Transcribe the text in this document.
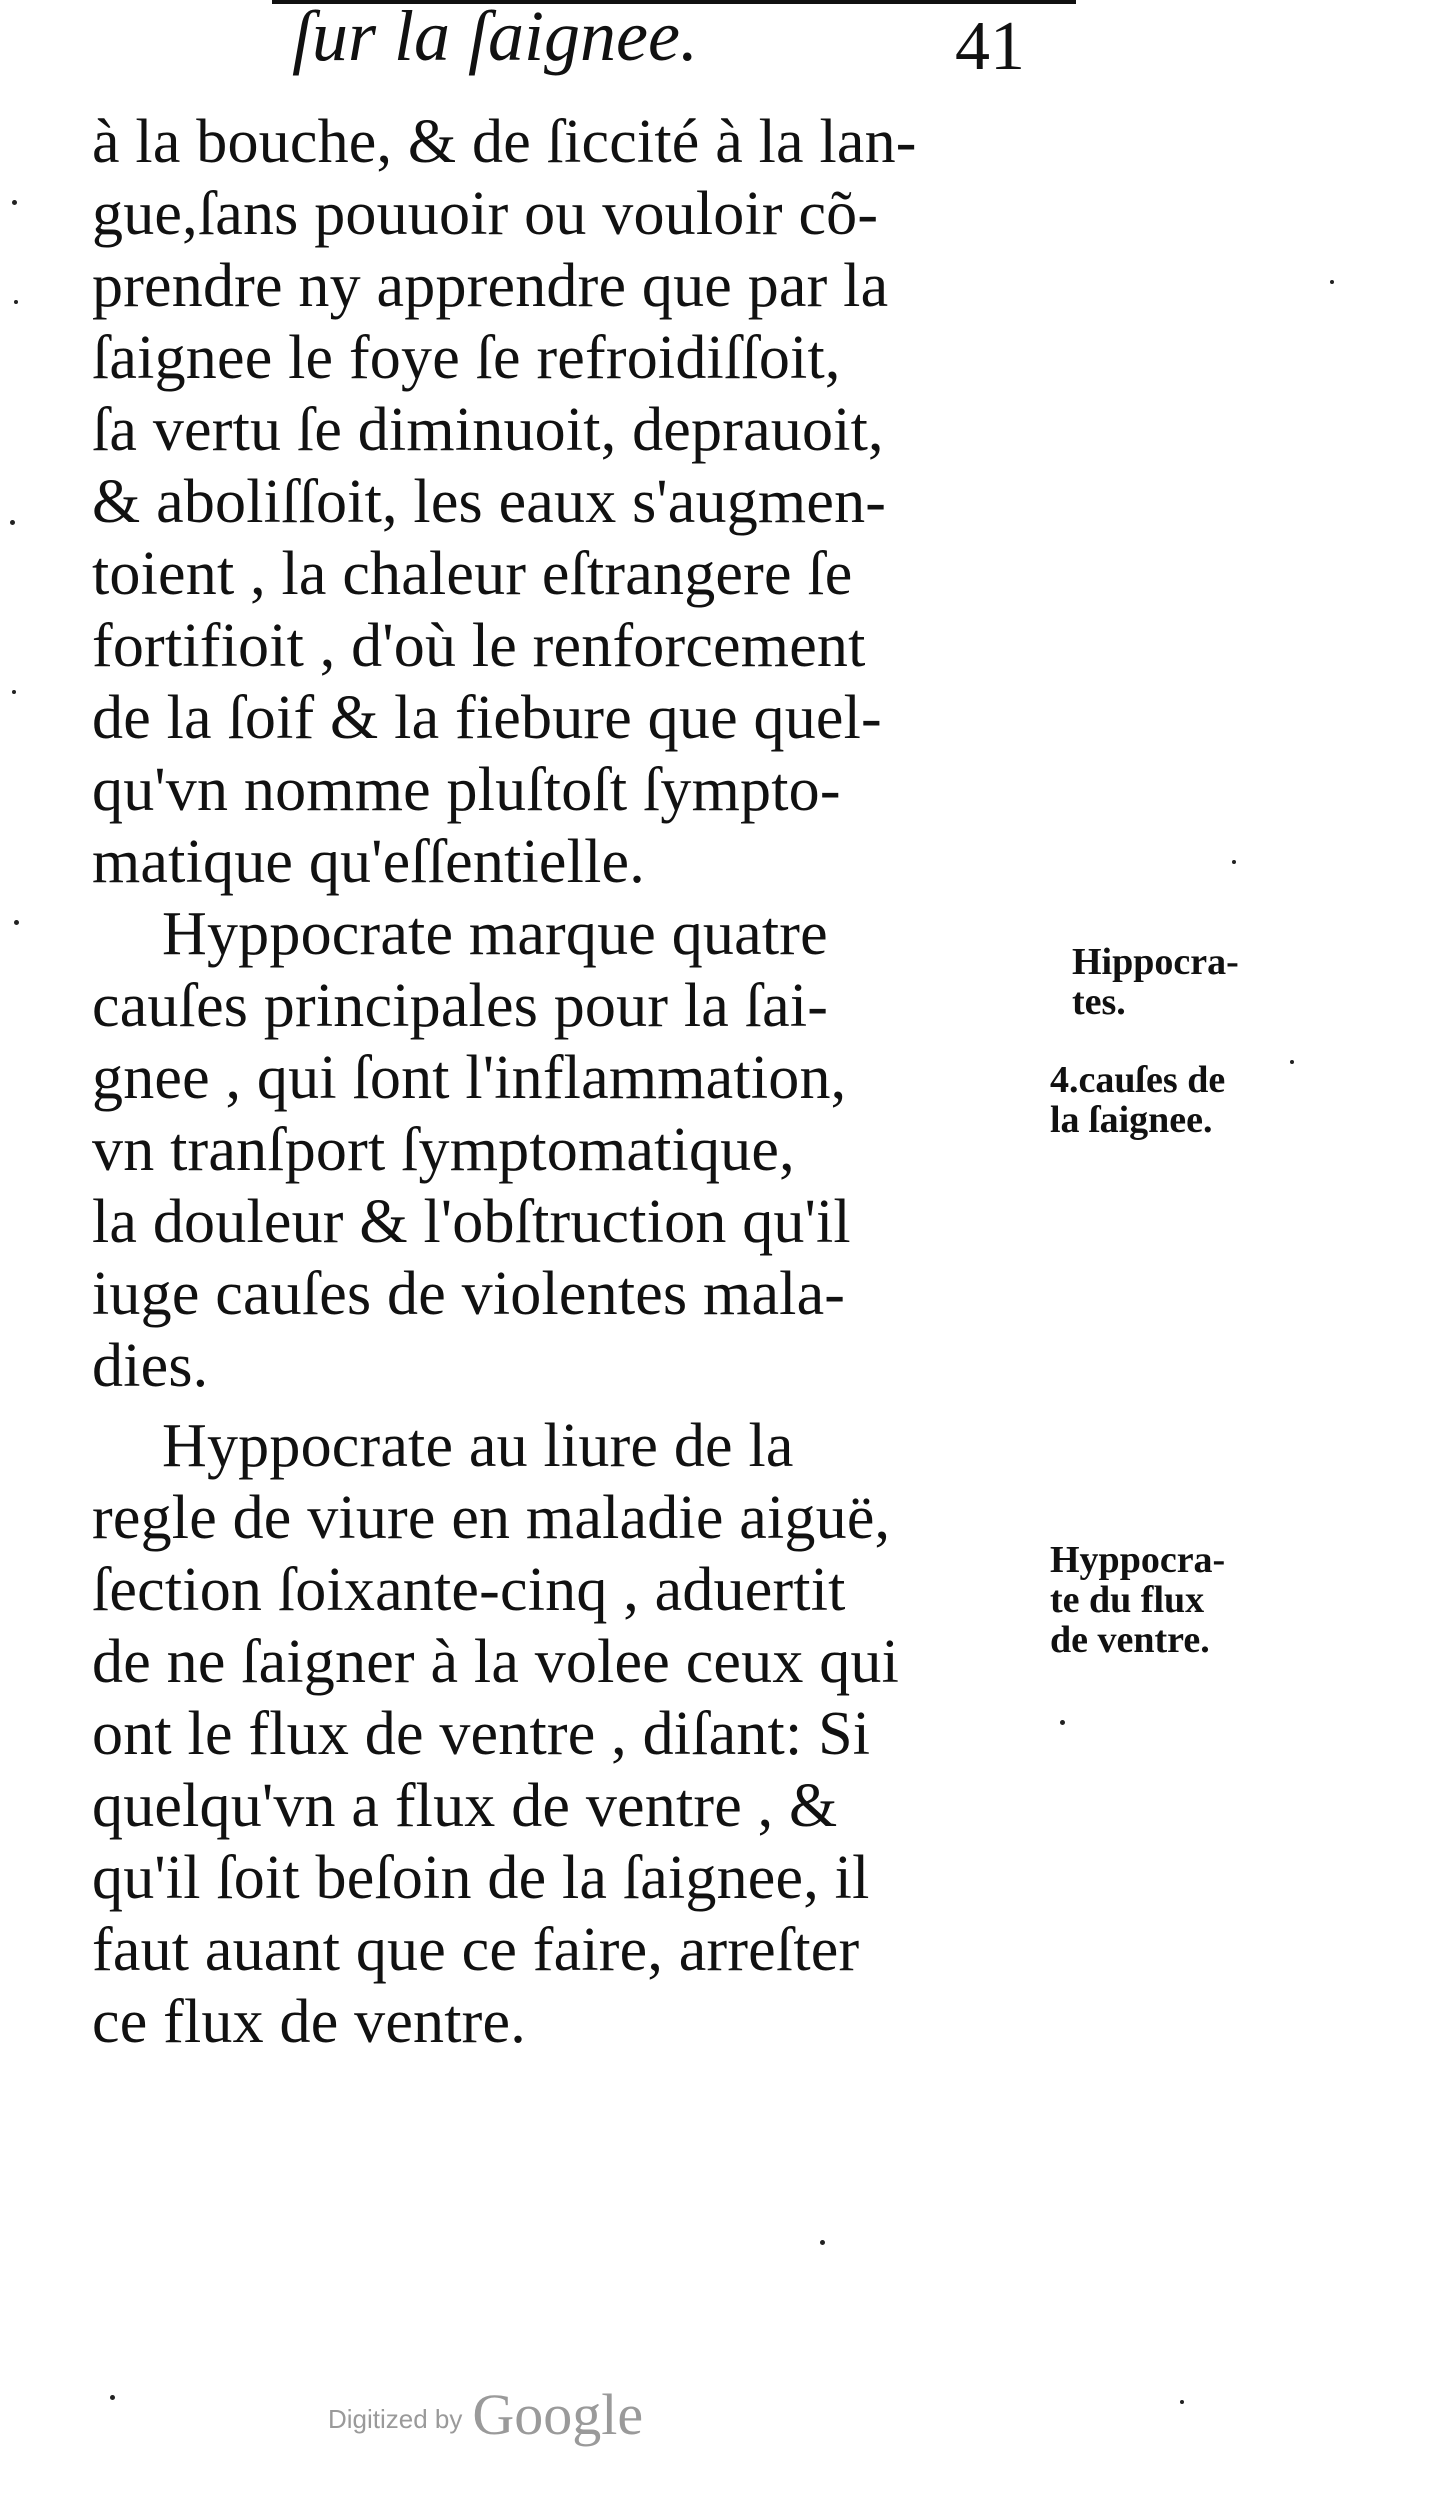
ſur la ſaignee.	41
à la bouche, & de ſiccité à la lan-
gue,ſans pouuoir ou vouloir cõ-
prendre ny apprendre que par la
ſaignee le foye ſe refroidiſſoit,
ſa vertu ſe diminuoit, deprauoit,
& aboliſſoit, les eaux s'augmen-
toient , la chaleur eſtrangere ſe
fortifioit , d'où le renforcement
de la ſoif & la fiebure que quel-
qu'vn nomme pluſtoſt ſympto-
matique qu'eſſentielle.
Hyppocrate marque quatre
cauſes principales pour la ſai-
gnee , qui ſont l'inflammation,
vn tranſport ſymptomatique,
la douleur & l'obſtruction qu'il
iuge cauſes de violentes mala-
dies.
Hyppocrate au liure de la
regle de viure en maladie aiguë,
ſection ſoixante-cinq , aduertit
de ne ſaigner à la volee ceux qui
ont le flux de ventre , diſant: Si
quelqu'vn a flux de ventre , &
qu'il ſoit beſoin de la ſaignee, il
faut auant que ce faire, arreſter
ce flux de ventre.
Hippocra-
tes.
4.cauſes de
la ſaignee.
Hyppocra-
te du flux
de ventre.
Digitized by Google
